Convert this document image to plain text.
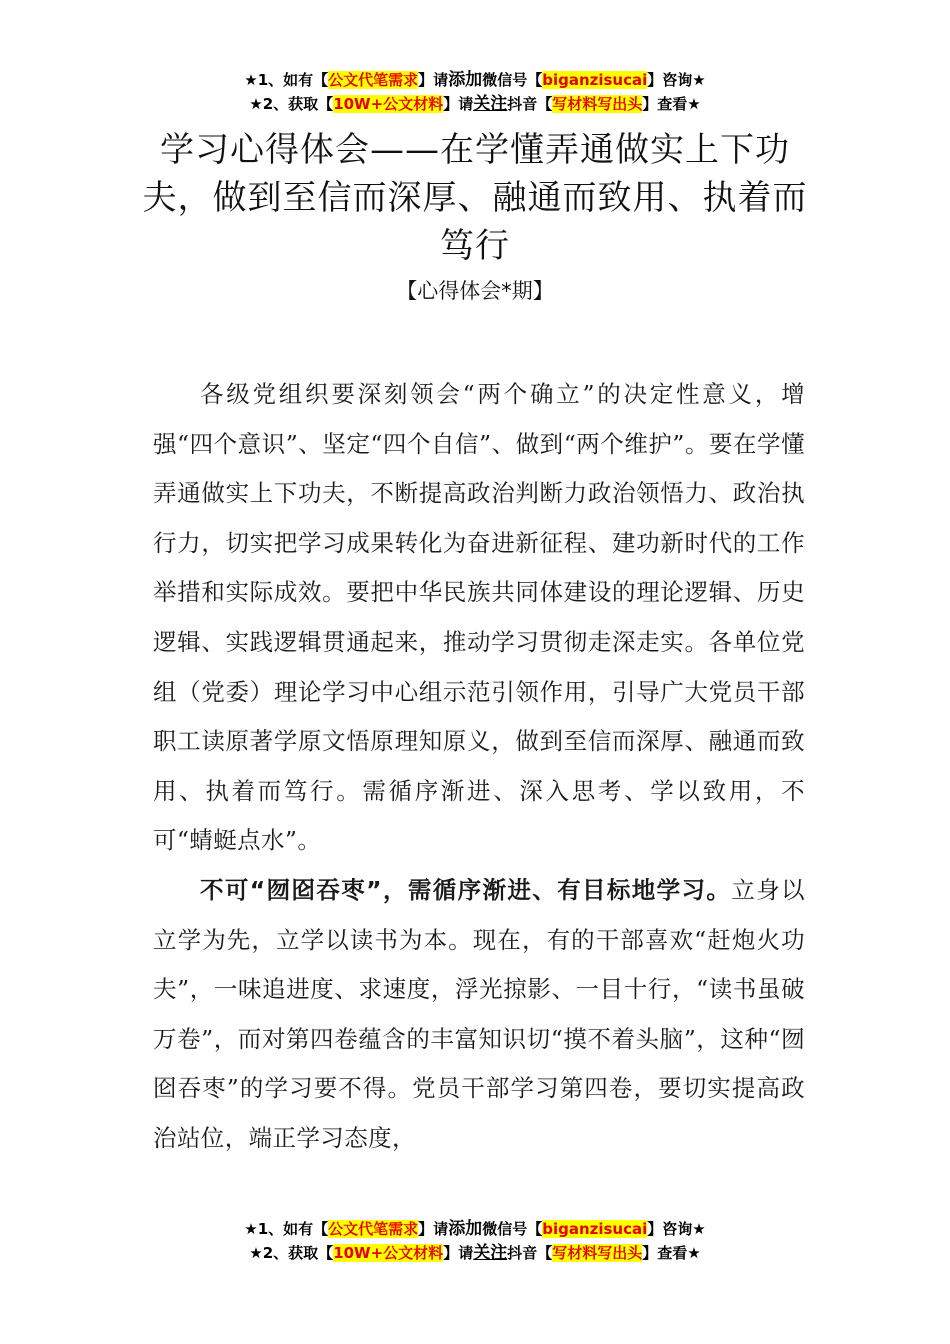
★1、如有【公文代笔需求】请添加微信号【biganzisucai】咨询★
★2、获取【10W+公文材料】请关注抖音【写材料写出头】查看★
学习心得体会——在学懂弄通做实上下功夫，做到至信而深厚、融通而致用、执着而笃行
【心得体会*期】

各级党组织要深刻领会“两个确立”的决定性意义，增强“四个意识”、坚定“四个自信”、做到“两个维护”。要在学懂弄通做实上下功夫，不断提高政治判断力政治领悟力、政治执行力，切实把学习成果转化为奋进新征程、建功新时代的工作举措和实际成效。要把中华民族共同体建设的理论逻辑、历史逻辑、实践逻辑贯通起来，推动学习贯彻走深走实。各单位党组（党委）理论学习中心组示范引领作用，引导广大党员干部职工读原著学原文悟原理知原义，做到至信而深厚、融通而致用、执着而笃行。需循序渐进、深入思考、学以致用，不可“蜻蜓点水”。

不可“囫囵吞枣”，需循序渐进、有目标地学习。立身以立学为先，立学以读书为本。现在，有的干部喜欢“赶炮火功夫”，一味追进度、求速度，浮光掠影、一目十行，“读书虽破万卷”，而对第四卷蕴含的丰富知识切“摸不着头脑”，这种“囫囵吞枣”的学习要不得。党员干部学习第四卷，要切实提高政治站位，端正学习态度，

★1、如有【公文代笔需求】请添加微信号【biganzisucai】咨询★
★2、获取【10W+公文材料】请关注抖音【写材料写出头】查看★
